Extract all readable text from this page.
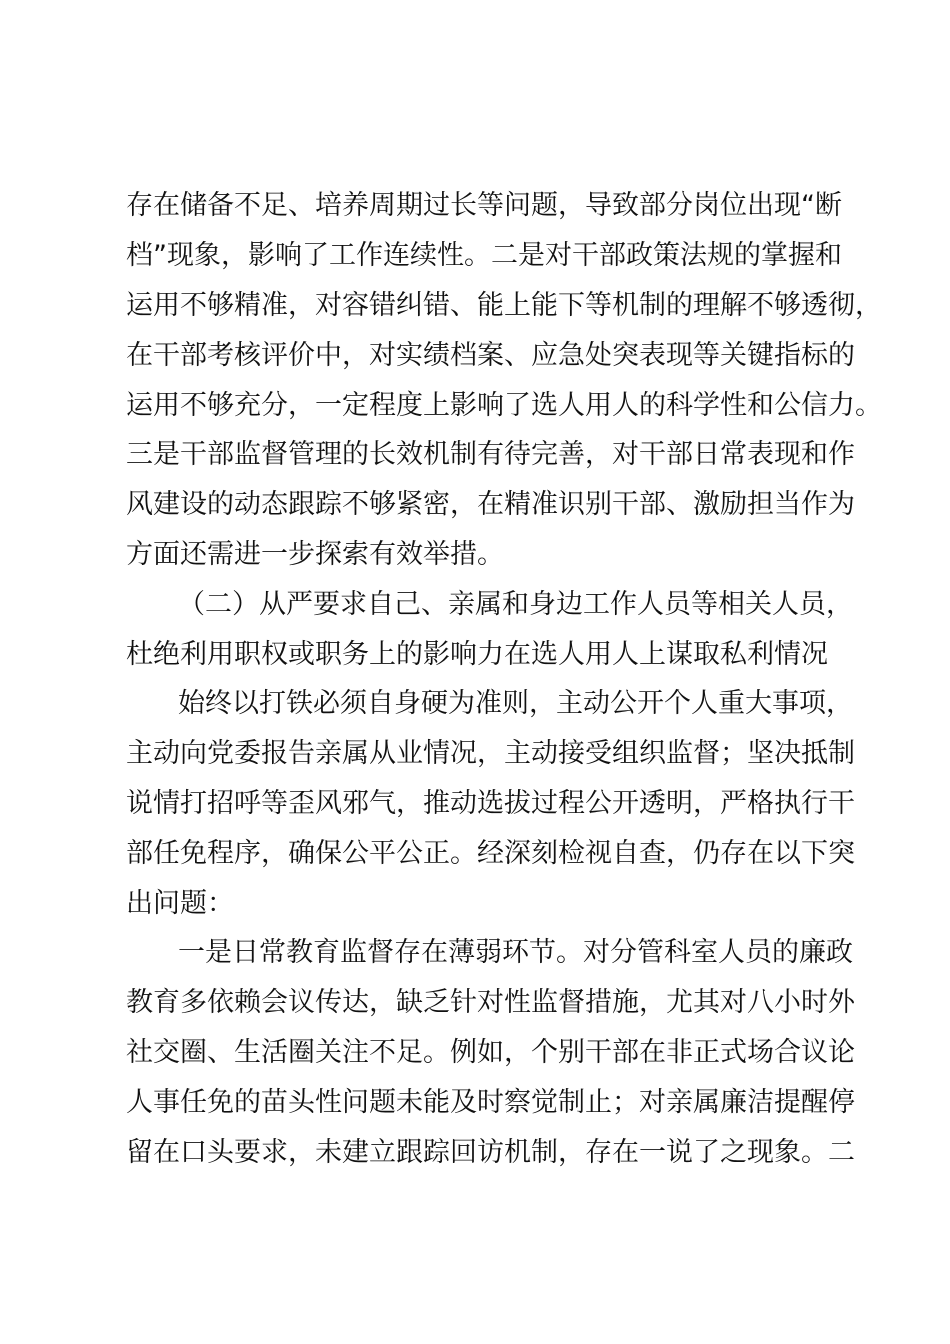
存在储备不足、培养周期过长等问题，导致部分岗位出现“断
档”现象，影响了工作连续性。二是对干部政策法规的掌握和
运用不够精准，对容错纠错、能上能下等机制的理解不够透彻，
在干部考核评价中，对实绩档案、应急处突表现等关键指标的
运用不够充分，一定程度上影响了选人用人的科学性和公信力。
三是干部监督管理的长效机制有待完善，对干部日常表现和作
风建设的动态跟踪不够紧密，在精准识别干部、激励担当作为
方面还需进一步探索有效举措。
（二）从严要求自己、亲属和身边工作人员等相关人员，
杜绝利用职权或职务上的影响力在选人用人上谋取私利情况
始终以打铁必须自身硬为准则，主动公开个人重大事项，
主动向党委报告亲属从业情况，主动接受组织监督；坚决抵制
说情打招呼等歪风邪气，推动选拔过程公开透明，严格执行干
部任免程序，确保公平公正。经深刻检视自查，仍存在以下突
出问题：
一是日常教育监督存在薄弱环节。对分管科室人员的廉政
教育多依赖会议传达，缺乏针对性监督措施，尤其对八小时外
社交圈、生活圈关注不足。例如，个别干部在非正式场合议论
人事任免的苗头性问题未能及时察觉制止；对亲属廉洁提醒停
留在口头要求，未建立跟踪回访机制，存在一说了之现象。二
